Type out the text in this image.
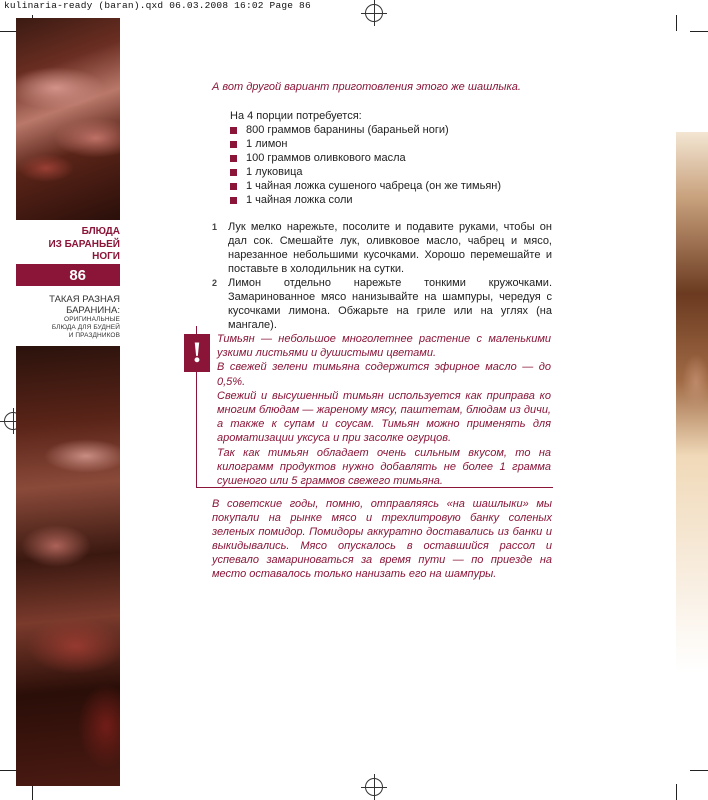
kulinaria-ready (baran).qxd 06.03.2008 16:02 Page 86
БЛЮДА
ИЗ БАРАНЬЕЙ
НОГИ
86
ТАКАЯ РАЗНАЯ
БАРАНИНА:
ОРИГИНАЛЬНЫЕ
БЛЮДА ДЛЯ БУДНЕЙ
И ПРАЗДНИКОВ
А вот другой вариант приготовления этого же шашлыка.
На 4 порции потребуется:
800 граммов баранины (бараньей ноги)
1 лимон
100 граммов оливкового масла
1 луковица
1 чайная ложка сушеного чабреца (он же тимьян)
1 чайная ложка соли
1 Лук мелко нарежьте, посолите и подавите руками, чтобы он дал сок. Смешайте лук, оливковое масло, чабрец и мясо, нарезанное небольшими кусочками. Хорошо перемешайте и поставьте в холодильник на сутки.
2 Лимон отдельно нарежьте тонкими кружочками. Замаринованное мясо нанизывайте на шампуры, чередуя с кусочками лимона. Обжарьте на гриле или на углях (на мангале).
!	Тимьян — небольшое многолетнее растение с маленькими узкими листьями и душистыми цветами.

В свежей зелени тимьяна содержится эфирное масло — до 0,5%.

Свежий и высушенный тимьян используется как приправа ко многим блюдам — жареному мясу, паштетам, блюдам из дичи, а также к супам и соусам. Тимьян можно применять для ароматизации уксуса и при засолке огурцов.

Так как тимьян обладает очень сильным вкусом, то на килограмм продуктов нужно добавлять не более 1 грамма сушеного или 5 граммов свежего тимьяна.

В советские годы, помню, отправляясь «на шашлыки» мы покупали на рынке мясо и трехлитровую банку соленых зеленых помидор. Помидоры аккуратно доставались из банки и выкидывались. Мясо опускалось в оставшийся рассол и успевало замариноваться за время пути — по приезде на место оставалось только нанизать его на шампуры.
